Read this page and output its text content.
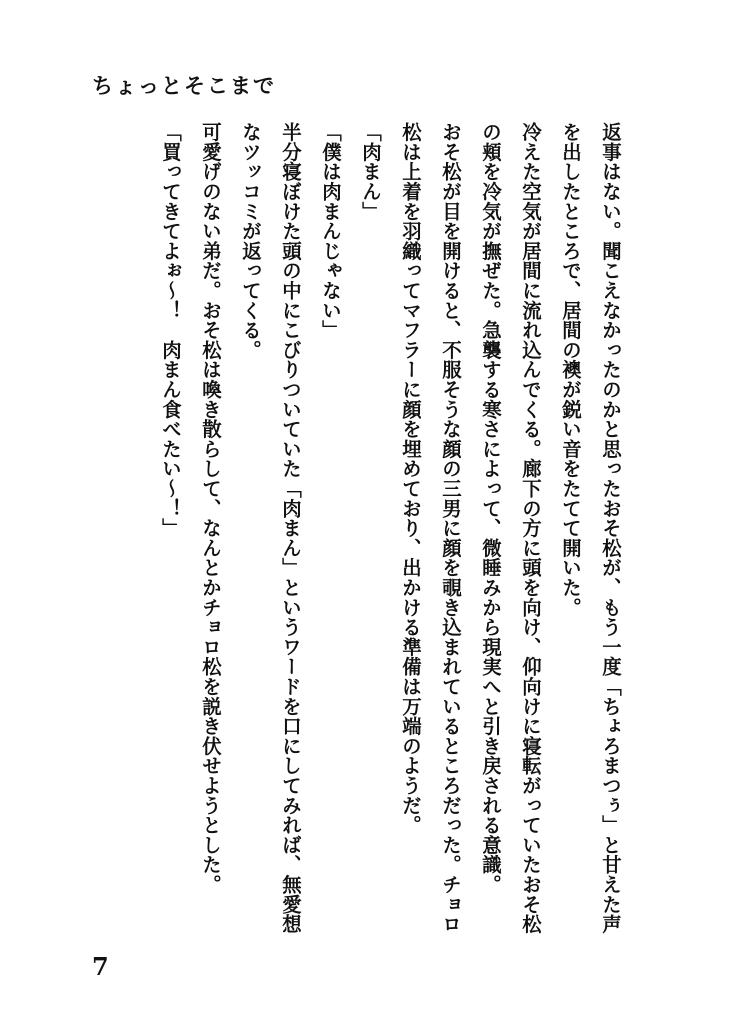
ちょっとそこまで

返事はない。聞こえなかったのかと思ったおそ松が、もう一度「ちょろまつぅ」と甘えた声を出したところで、居間の襖が鋭い音をたてて開いた。

冷えた空気が居間に流れ込んでくる。廊下の方に頭を向け、仰向けに寝転がっていたおそ松の頬を冷気が撫ぜた。急襲する寒さによって、微睡みから現実へと引き戻される意識。

おそ松が目を開けると、不服そうな顔の三男に顔を覗き込まれているところだった。チョロ松は上着を羽織ってマフラーに顔を埋めており、出かける準備は万端のようだ。

「肉まん」

「僕は肉まんじゃない」

半分寝ぼけた頭の中にこびりついていた「肉まん」というワードを口にしてみれば、無愛想なツッコミが返ってくる。

可愛げのない弟だ。おそ松は喚き散らして、なんとかチョロ松を説き伏せようとした。

「買ってきてよぉ～！　肉まん食べたい～！」

7
